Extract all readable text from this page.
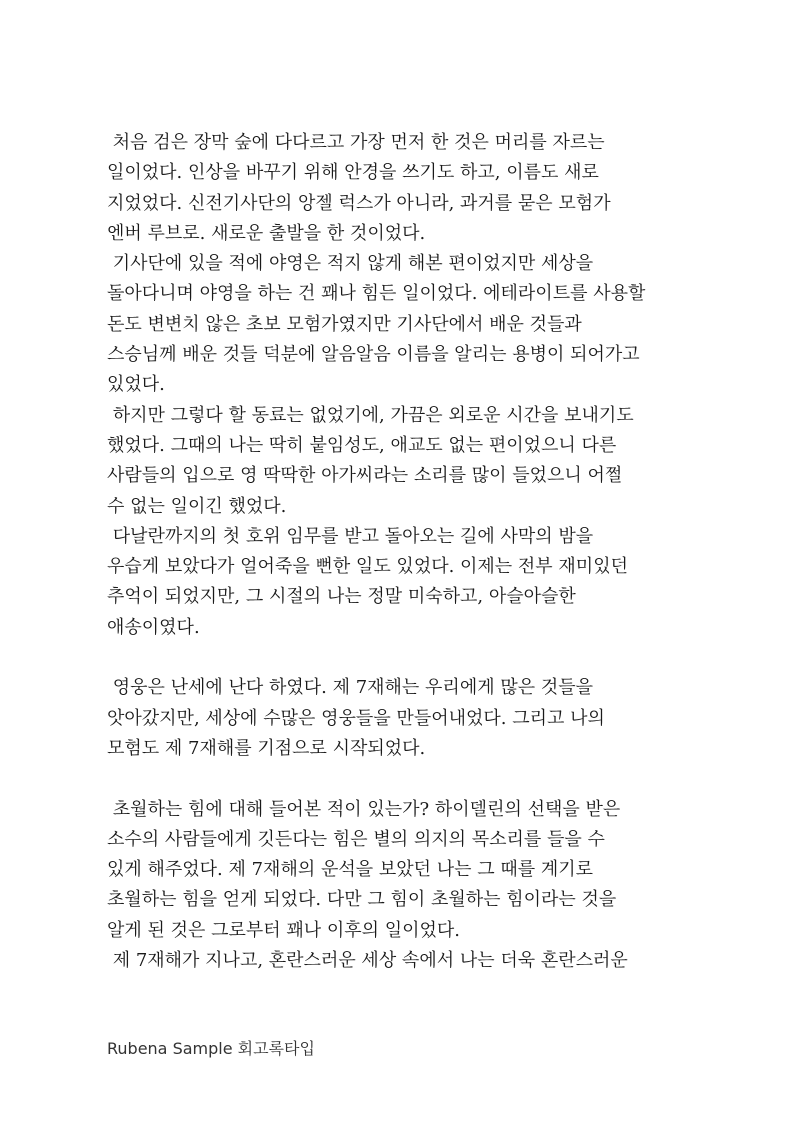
처음 검은 장막 숲에 다다르고 가장 먼저 한 것은 머리를 자르는
일이었다. 인상을 바꾸기 위해 안경을 쓰기도 하고, 이름도 새로
지었었다. 신전기사단의 앙젤 럭스가 아니라, 과거를 묻은 모험가
엔버 루브로. 새로운 출발을 한 것이었다.
기사단에 있을 적에 야영은 적지 않게 해본 편이었지만 세상을
돌아다니며 야영을 하는 건 꽤나 힘든 일이었다. 에테라이트를 사용할
돈도 변변치 않은 초보 모험가였지만 기사단에서 배운 것들과
스승님께 배운 것들 덕분에 알음알음 이름을 알리는 용병이 되어가고
있었다.
하지만 그렇다 할 동료는 없었기에, 가끔은 외로운 시간을 보내기도
했었다. 그때의 나는 딱히 붙임성도, 애교도 없는 편이었으니 다른
사람들의 입으로 영 딱딱한 아가씨라는 소리를 많이 들었으니 어쩔
수 없는 일이긴 했었다.
다날란까지의 첫 호위 임무를 받고 돌아오는 길에 사막의 밤을
우습게 보았다가 얼어죽을 뻔한 일도 있었다. 이제는 전부 재미있던
추억이 되었지만, 그 시절의 나는 정말 미숙하고, 아슬아슬한
애송이였다.
영웅은 난세에 난다 하였다. 제 7재해는 우리에게 많은 것들을
앗아갔지만, 세상에 수많은 영웅들을 만들어내었다. 그리고 나의
모험도 제 7재해를 기점으로 시작되었다.
초월하는 힘에 대해 들어본 적이 있는가? 하이델린의 선택을 받은
소수의 사람들에게 깃든다는 힘은 별의 의지의 목소리를 들을 수
있게 해주었다. 제 7재해의 운석을 보았던 나는 그 때를 계기로
초월하는 힘을 얻게 되었다. 다만 그 힘이 초월하는 힘이라는 것을
알게 된 것은 그로부터 꽤나 이후의 일이었다.
제 7재해가 지나고, 혼란스러운 세상 속에서 나는 더욱 혼란스러운
Rubena Sample 회고록타입
